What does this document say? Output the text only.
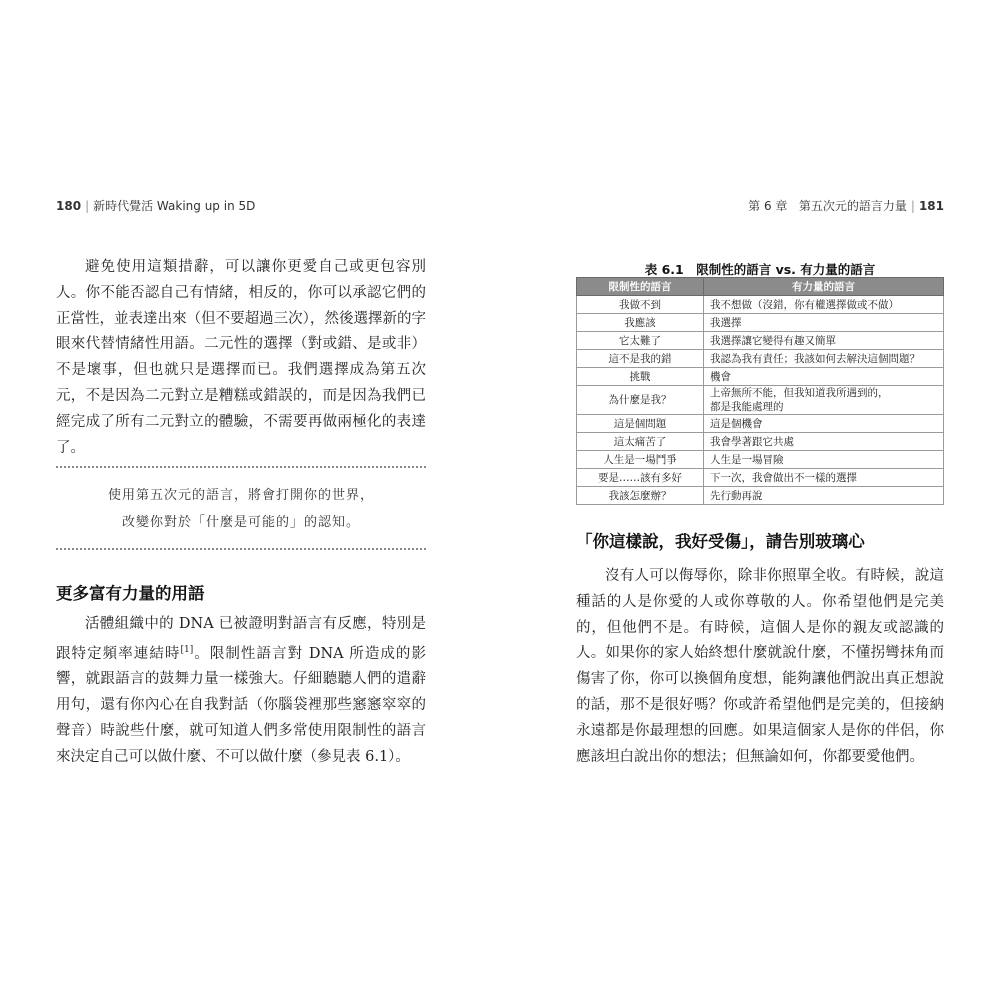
180 | 新時代覺活 Waking up in 5D	第 6 章 第五次元的語言力量 | 181

避免使用這類措辭，可以讓你更愛自己或更包容別人。你不能否認自己有情緒，相反的，你可以承認它們的正當性，並表達出來（但不要超過三次），然後選擇新的字眼來代替情緒性用語。二元性的選擇（對或錯、是或非）不是壞事，但也就只是選擇而已。我們選擇成為第五次元，不是因為二元對立是糟糕或錯誤的，而是因為我們已經完成了所有二元對立的體驗，不需要再做兩極化的表達了。

使用第五次元的語言，將會打開你的世界，
改變你對於「什麼是可能的」的認知。
更多富有力量的用語

活體組織中的 DNA 已被證明對語言有反應，特別是跟特定頻率連結時[1]。限制性語言對 DNA 所造成的影響，就跟語言的鼓舞力量一樣強大。仔細聽聽人們的遣辭用句，還有你內心在自我對話（你腦袋裡那些窸窸窣窣的聲音）時說些什麼，就可知道人們多常使用限制性的語言來決定自己可以做什麼、不可以做什麼（參見表 6.1）。

表 6.1　限制性的語言 vs. 有力量的語言
限制性的語言	有力量的語言
我做不到	我不想做（沒錯，你有權選擇做或不做）
我應該	我選擇
它太難了	我選擇讓它變得有趣又簡單
這不是我的錯	我認為我有責任；我該如何去解決這個問題？
挑戰	機會
為什麼是我？	上帝無所不能，但我知道我所遇到的，
都是我能處理的
這是個問題	這是個機會
這太痛苦了	我會學著跟它共處
人生是一場鬥爭	人生是一場冒險
要是……該有多好	下一次，我會做出不一樣的選擇
我該怎麼辦？	先行動再說
「你這樣說，我好受傷」，請告別玻璃心

沒有人可以侮辱你，除非你照單全收。有時候，說這種話的人是你愛的人或你尊敬的人。你希望他們是完美的，但他們不是。有時候，這個人是你的親友或認識的人。如果你的家人始終想什麼就說什麼，不懂拐彎抹角而傷害了你，你可以換個角度想，能夠讓他們說出真正想說的話，那不是很好嗎？你或許希望他們是完美的，但接納永遠都是你最理想的回應。如果這個家人是你的伴侶，你應該坦白說出你的想法；但無論如何，你都要愛他們。
